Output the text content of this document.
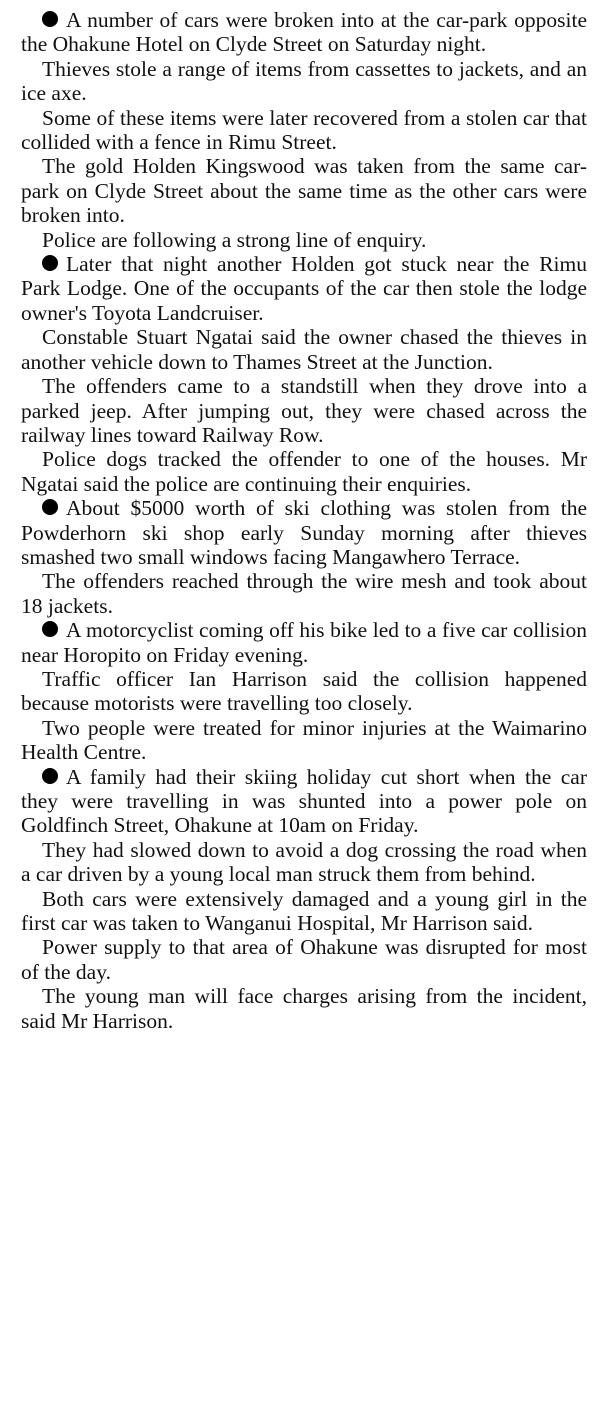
A number of cars were broken into at the car-park opposite the Ohakune Hotel on Clyde Street on Saturday night.

Thieves stole a range of items from cassettes to jackets, and an ice axe.

Some of these items were later recovered from a stolen car that collided with a fence in Rimu Street.

The gold Holden Kingswood was taken from the same car-park on Clyde Street about the same time as the other cars were broken into.

Police are following a strong line of enquiry.

Later that night another Holden got stuck near the Rimu Park Lodge. One of the occupants of the car then stole the lodge owner's Toyota Landcruiser.

Constable Stuart Ngatai said the owner chased the thieves in another vehicle down to Thames Street at the Junction.

The offenders came to a standstill when they drove into a parked jeep. After jumping out, they were chased across the railway lines toward Railway Row.

Police dogs tracked the offender to one of the houses. Mr Ngatai said the police are continuing their enquiries.

About $5000 worth of ski clothing was stolen from the Powderhorn ski shop early Sunday morning after thieves smashed two small windows facing Mangawhero Terrace.

The offenders reached through the wire mesh and took about 18 jackets.

A motorcyclist coming off his bike led to a five car collision near Horopito on Friday evening.

Traffic officer Ian Harrison said the collision happened because motorists were travelling too closely.

Two people were treated for minor injuries at the Waimarino Health Centre.

A family had their skiing holiday cut short when the car they were travelling in was shunted into a power pole on Goldfinch Street, Ohakune at 10am on Friday.

They had slowed down to avoid a dog crossing the road when a car driven by a young local man struck them from behind.

Both cars were extensively damaged and a young girl in the first car was taken to Wanganui Hospital, Mr Harrison said.

Power supply to that area of Ohakune was disrupted for most of the day.

The young man will face charges arising from the incident, said Mr Harrison.
